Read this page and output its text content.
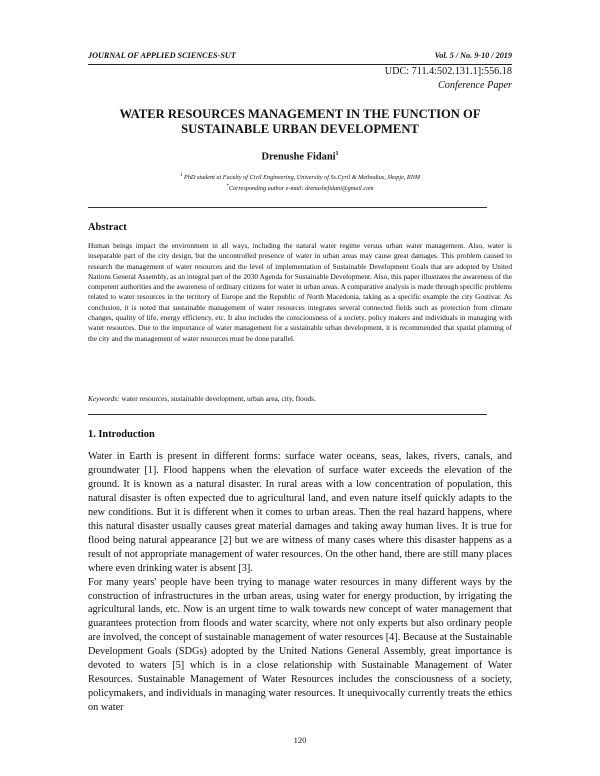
JOURNAL OF APPLIED SCIENCES-SUT	Vol. 5 / No. 9-10 / 2019
UDC: 711.4:502.131.1]:556.18
Conference Paper
WATER RESOURCES MANAGEMENT IN THE FUNCTION OF SUSTAINABLE URBAN DEVELOPMENT
Drenushe Fidani$^1$
$^1$ PhD student at Faculty of Civil Engineering, University of Ss.Cyril & Methodius, Skopje, RNM
*Corresponding author e-mail: drenushefidani@gmail.com
Abstract
Human beings impact the environment in all ways, including the natural water regime versus urban water management. Also, water is inseparable part of the city design, but the uncontrolled presence of water in urban areas may cause great damages. This problem caused to research the management of water resources and the level of implementation of Sustainable Development Goals that are adopted by United Nations General Assembly, as an integral part of the 2030 Agenda for Sustainable Development. Also, this paper illustrates the awareness of the competent authorities and the awareness of ordinary citizens for water in urban areas. A comparative analysis is made through specific problems related to water resources in the territory of Europe and the Republic of North Macedonia, taking as a specific example the city Gostivar. As conclusion, it is noted that sustainable management of water resources integrates several connected fields such as protection from climate changes, quality of life, energy efficiency, etc. It also includes the consciousness of a society, policy makers and individuals in managing with water resources. Due to the importance of water management for a sustainable urban development, it is recommended that spatial planning of the city and the management of water resources must be done parallel.
Keywords: water resources, sustainable development, urban area, city, floods.
1. Introduction

Water in Earth is present in different forms: surface water oceans, seas, lakes, rivers, canals, and groundwater [1]. Flood happens when the elevation of surface water exceeds the elevation of the ground. It is known as a natural disaster. In rural areas with a low concentration of population, this natural disaster is often expected due to agricultural land, and even nature itself quickly adapts to the new conditions. But it is different when it comes to urban areas. Then the real hazard happens, where this natural disaster usually causes great material damages and taking away human lives. It is true for flood being natural appearance [2] but we are witness of many cases where this disaster happens as a result of not appropriate management of water resources. On the other hand, there are still many places where even drinking water is absent [3].

For many years' people have been trying to manage water resources in many different ways by the construction of infrastructures in the urban areas, using water for energy production, by irrigating the agricultural lands, etc. Now is an urgent time to walk towards new concept of water management that guarantees protection from floods and water scarcity, where not only experts but also ordinary people are involved, the concept of sustainable management of water resources [4]. Because at the Sustainable Development Goals (SDGs) adopted by the United Nations General Assembly, great importance is devoted to waters [5] which is in a close relationship with Sustainable Management of Water Resources. Sustainable Management of Water Resources includes the consciousness of a society, policymakers, and individuals in managing water resources. It unequivocally currently treats the ethics on water

120
